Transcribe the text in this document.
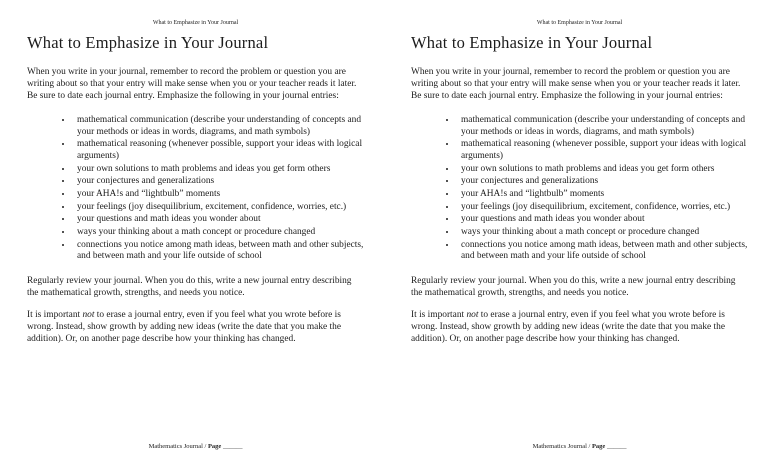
What to Emphasize in Your Journal
What to Emphasize in Your Journal

When you write in your journal, remember to record the problem or question you are writing about so that your entry will make sense when you or your teacher reads it later. Be sure to date each journal entry. Emphasize the following in your journal entries:

• mathematical communication (describe your understanding of concepts and your methods or ideas in words, diagrams, and math symbols)
• mathematical reasoning (whenever possible, support your ideas with logical arguments)
• your own solutions to math problems and ideas you get form others
• your conjectures and generalizations
• your AHA!s and “lightbulb” moments
• your feelings (joy disequilibrium, excitement, confidence, worries, etc.)
• your questions and math ideas you wonder about
• ways your thinking about a math concept or procedure changed
• connections you notice among math ideas, between math and other subjects, and between math and your life outside of school

Regularly review your journal. When you do this, write a new journal entry describing the mathematical growth, strengths, and needs you notice.

It is important not to erase a journal entry, even if you feel what you wrote before is wrong. Instead, show growth by adding new ideas (write the date that you make the addition). Or, on another page describe how your thinking has changed.

Mathematics Journal / Page ______
What to Emphasize in Your Journal
What to Emphasize in Your Journal

When you write in your journal, remember to record the problem or question you are writing about so that your entry will make sense when you or your teacher reads it later. Be sure to date each journal entry. Emphasize the following in your journal entries:

• mathematical communication (describe your understanding of concepts and your methods or ideas in words, diagrams, and math symbols)
• mathematical reasoning (whenever possible, support your ideas with logical arguments)
• your own solutions to math problems and ideas you get form others
• your conjectures and generalizations
• your AHA!s and “lightbulb” moments
• your feelings (joy disequilibrium, excitement, confidence, worries, etc.)
• your questions and math ideas you wonder about
• ways your thinking about a math concept or procedure changed
• connections you notice among math ideas, between math and other subjects, and between math and your life outside of school

Regularly review your journal. When you do this, write a new journal entry describing the mathematical growth, strengths, and needs you notice.

It is important not to erase a journal entry, even if you feel what you wrote before is wrong. Instead, show growth by adding new ideas (write the date that you make the addition). Or, on another page describe how your thinking has changed.

Mathematics Journal / Page ______
